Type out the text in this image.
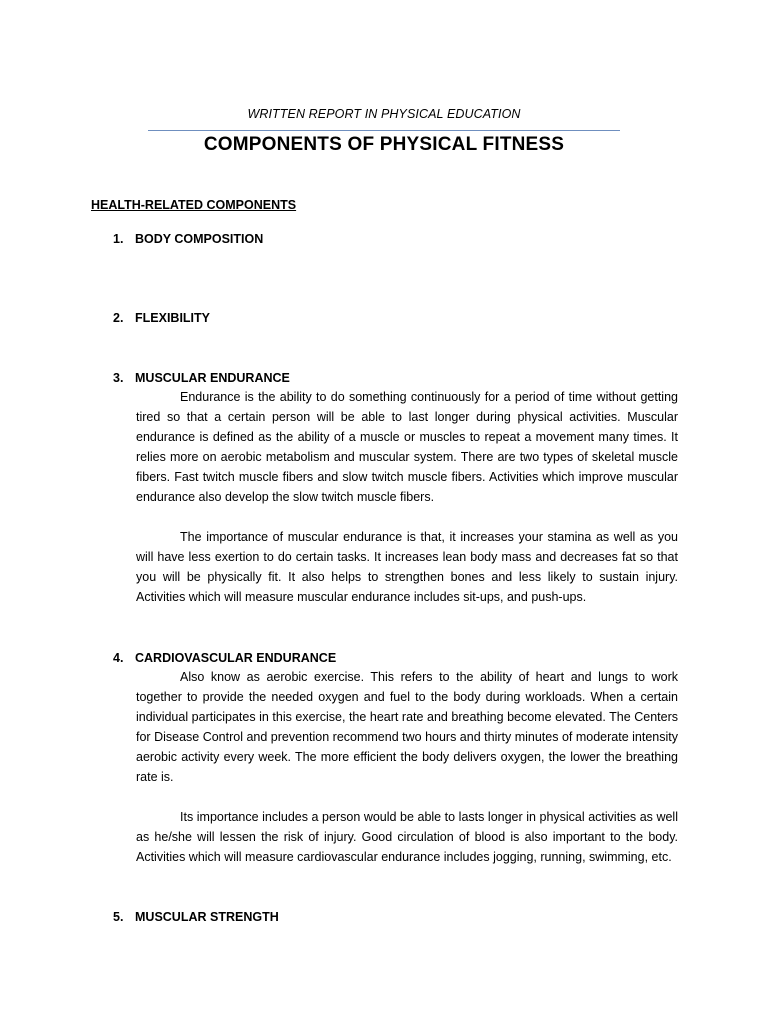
WRITTEN REPORT IN PHYSICAL EDUCATION
COMPONENTS OF PHYSICAL FITNESS
HEALTH-RELATED COMPONENTS
1. BODY COMPOSITION
2. FLEXIBILITY
3. MUSCULAR ENDURANCE

Endurance is the ability to do something continuously for a period of time without getting tired so that a certain person will be able to last longer during physical activities. Muscular endurance is defined as the ability of a muscle or muscles to repeat a movement many times. It relies more on aerobic metabolism and muscular system. There are two types of skeletal muscle fibers. Fast twitch muscle fibers and slow twitch muscle fibers. Activities which improve muscular endurance also develop the slow twitch muscle fibers.

The importance of muscular endurance is that, it increases your stamina as well as you will have less exertion to do certain tasks. It increases lean body mass and decreases fat so that you will be physically fit. It also helps to strengthen bones and less likely to sustain injury. Activities which will measure muscular endurance includes sit-ups, and push-ups.

4. CARDIOVASCULAR ENDURANCE

Also know as aerobic exercise. This refers to the ability of heart and lungs to work together to provide the needed oxygen and fuel to the body during workloads. When a certain individual participates in this exercise, the heart rate and breathing become elevated. The Centers for Disease Control and prevention recommend two hours and thirty minutes of moderate intensity aerobic activity every week. The more efficient the body delivers oxygen, the lower the breathing rate is.

Its importance includes a person would be able to lasts longer in physical activities as well as he/she will lessen the risk of injury. Good circulation of blood is also important to the body. Activities which will measure cardiovascular endurance includes jogging, running, swimming, etc.

5. MUSCULAR STRENGTH
